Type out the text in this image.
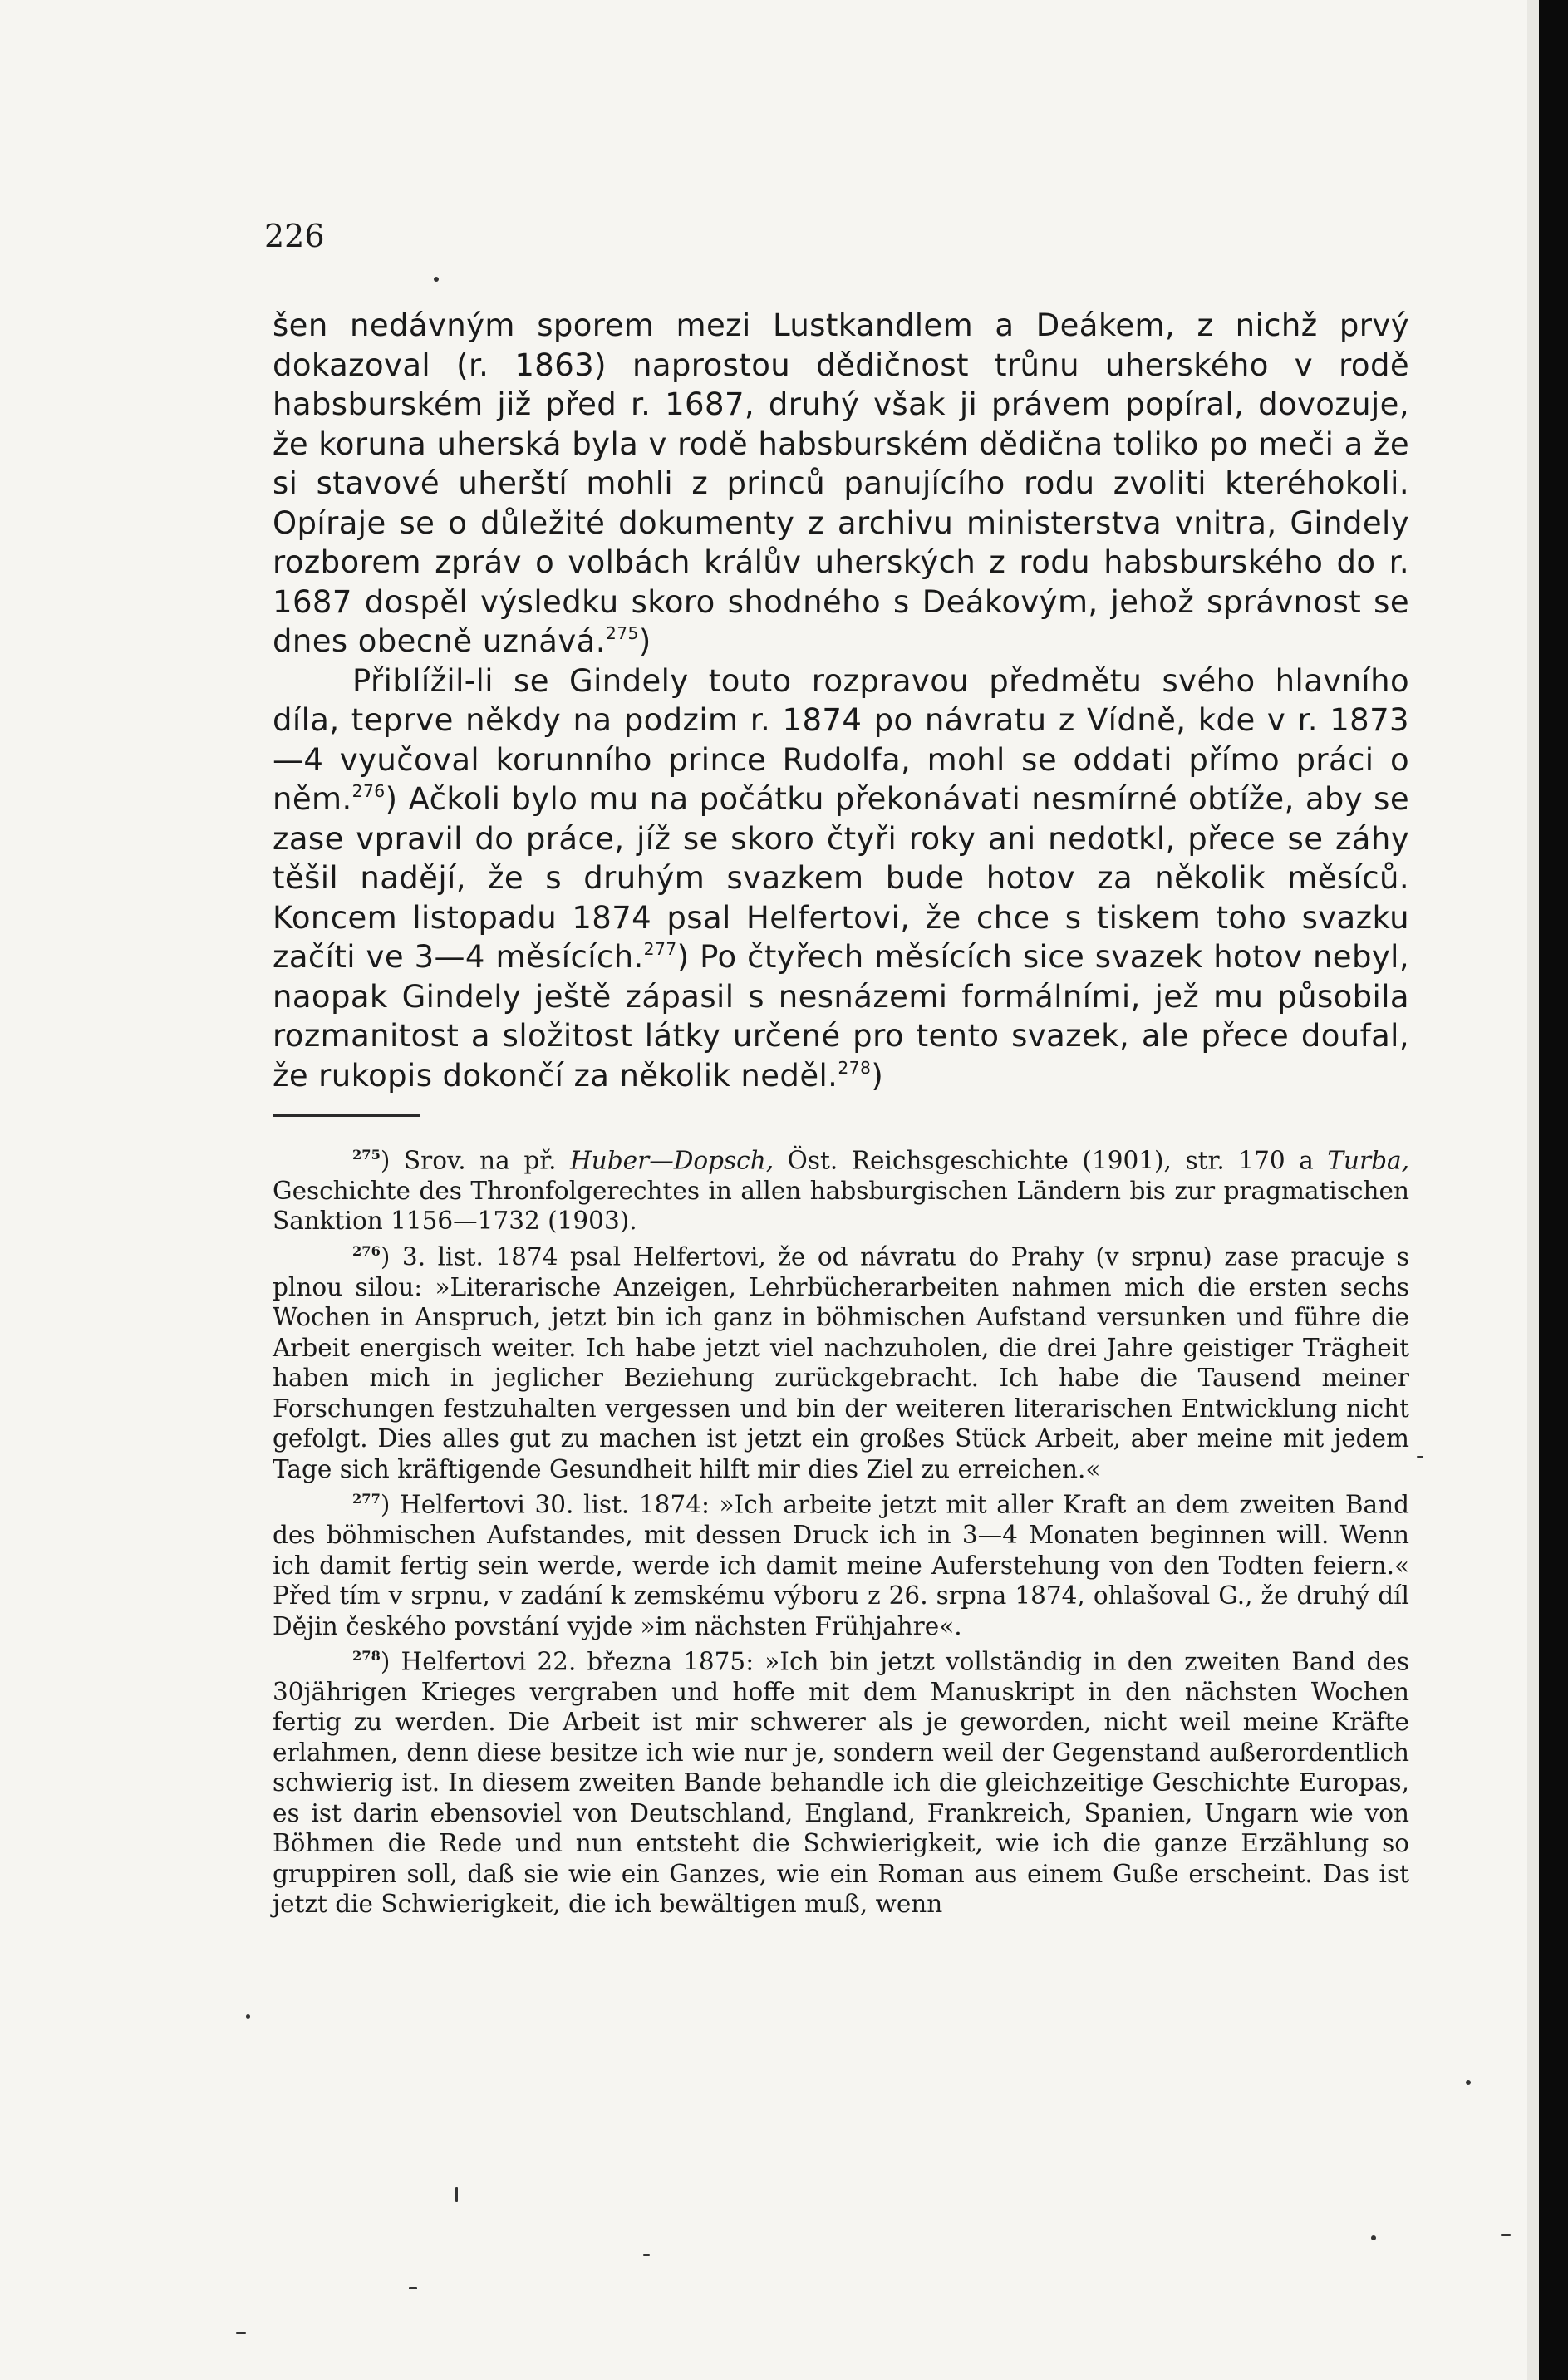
226

šen nedávným sporem mezi Lustkandlem a Deákem, z nichž prvý dokazoval (r. 1863) naprostou dědičnost trůnu uherského v rodě habsburském již před r. 1687, druhý však ji právem popíral, dovozuje, že koruna uherská byla v rodě habsburském dědična toliko po meči a že si stavové uherští mohli z princů panujícího rodu zvoliti kteréhokoli. Opíraje se o důležité dokumenty z archivu ministerstva vnitra, Gindely rozborem zpráv o volbách králův uherských z rodu habsburského do r. 1687 dospěl výsledku skoro shodného s Deákovým, jehož správnost se dnes obecně uznává.$^{275}$)

Přiblížil-li se Gindely touto rozpravou předmětu svého hlavního díla, teprve někdy na podzim r. 1874 po návratu z Vídně, kde v r. 1873—4 vyučoval korunního prince Rudolfa, mohl se oddati přímo práci o něm.$^{276}$) Ačkoli bylo mu na počátku překonávati nesmírné obtíže, aby se zase vpravil do práce, jíž se skoro čtyři roky ani nedotkl, přece se záhy těšil nadějí, že s druhým svazkem bude hotov za několik měsíců. Koncem listopadu 1874 psal Helfertovi, že chce s tiskem toho svazku začíti ve 3—4 měsících.$^{277}$) Po čtyřech měsících sice svazek hotov nebyl, naopak Gindely ještě zápasil s nesnázemi formálními, jež mu působila rozmanitost a složitost látky určené pro tento svazek, ale přece doufal, že rukopis dokončí za několik neděl.$^{278}$)

$^{275}$) Srov. na př. Huber—Dopsch, Öst. Reichsgeschichte (1901), str. 170 a Turba, Geschichte des Thronfolgerechtes in allen habsburgischen Ländern bis zur pragmatischen Sanktion 1156—1732 (1903).

$^{276}$) 3. list. 1874 psal Helfertovi, že od návratu do Prahy (v srpnu) zase pracuje s plnou silou: »Literarische Anzeigen, Lehrbücherarbeiten nahmen mich die ersten sechs Wochen in Anspruch, jetzt bin ich ganz in böhmischen Aufstand versunken und führe die Arbeit energisch weiter. Ich habe jetzt viel nachzuholen, die drei Jahre geistiger Trägheit haben mich in jeglicher Beziehung zurückgebracht. Ich habe die Tausend meiner Forschungen festzuhalten vergessen und bin der weiteren literarischen Entwicklung nicht gefolgt. Dies alles gut zu machen ist jetzt ein großes Stück Arbeit, aber meine mit jedem Tage sich kräftigende Gesundheit hilft mir dies Ziel zu erreichen.«

$^{277}$) Helfertovi 30. list. 1874: »Ich arbeite jetzt mit aller Kraft an dem zweiten Band des böhmischen Aufstandes, mit dessen Druck ich in 3—4 Monaten beginnen will. Wenn ich damit fertig sein werde, werde ich damit meine Auferstehung von den Todten feiern.« Před tím v srpnu, v zadání k zemskému výboru z 26. srpna 1874, ohlašoval G., že druhý díl Dějin českého povstání vyjde »im nächsten Frühjahre«.

$^{278}$) Helfertovi 22. března 1875: »Ich bin jetzt vollständig in den zweiten Band des 30jährigen Krieges vergraben und hoffe mit dem Manuskript in den nächsten Wochen fertig zu werden. Die Arbeit ist mir schwerer als je geworden, nicht weil meine Kräfte erlahmen, denn diese besitze ich wie nur je, sondern weil der Gegenstand außerordentlich schwierig ist. In diesem zweiten Bande behandle ich die gleichzeitige Geschichte Europas, es ist darin ebensoviel von Deutschland, England, Frankreich, Spanien, Ungarn wie von Böhmen die Rede und nun entsteht die Schwierigkeit, wie ich die ganze Erzählung so gruppiren soll, daß sie wie ein Ganzes, wie ein Roman aus einem Guße erscheint. Das ist jetzt die Schwierigkeit, die ich bewältigen muß, wenn
